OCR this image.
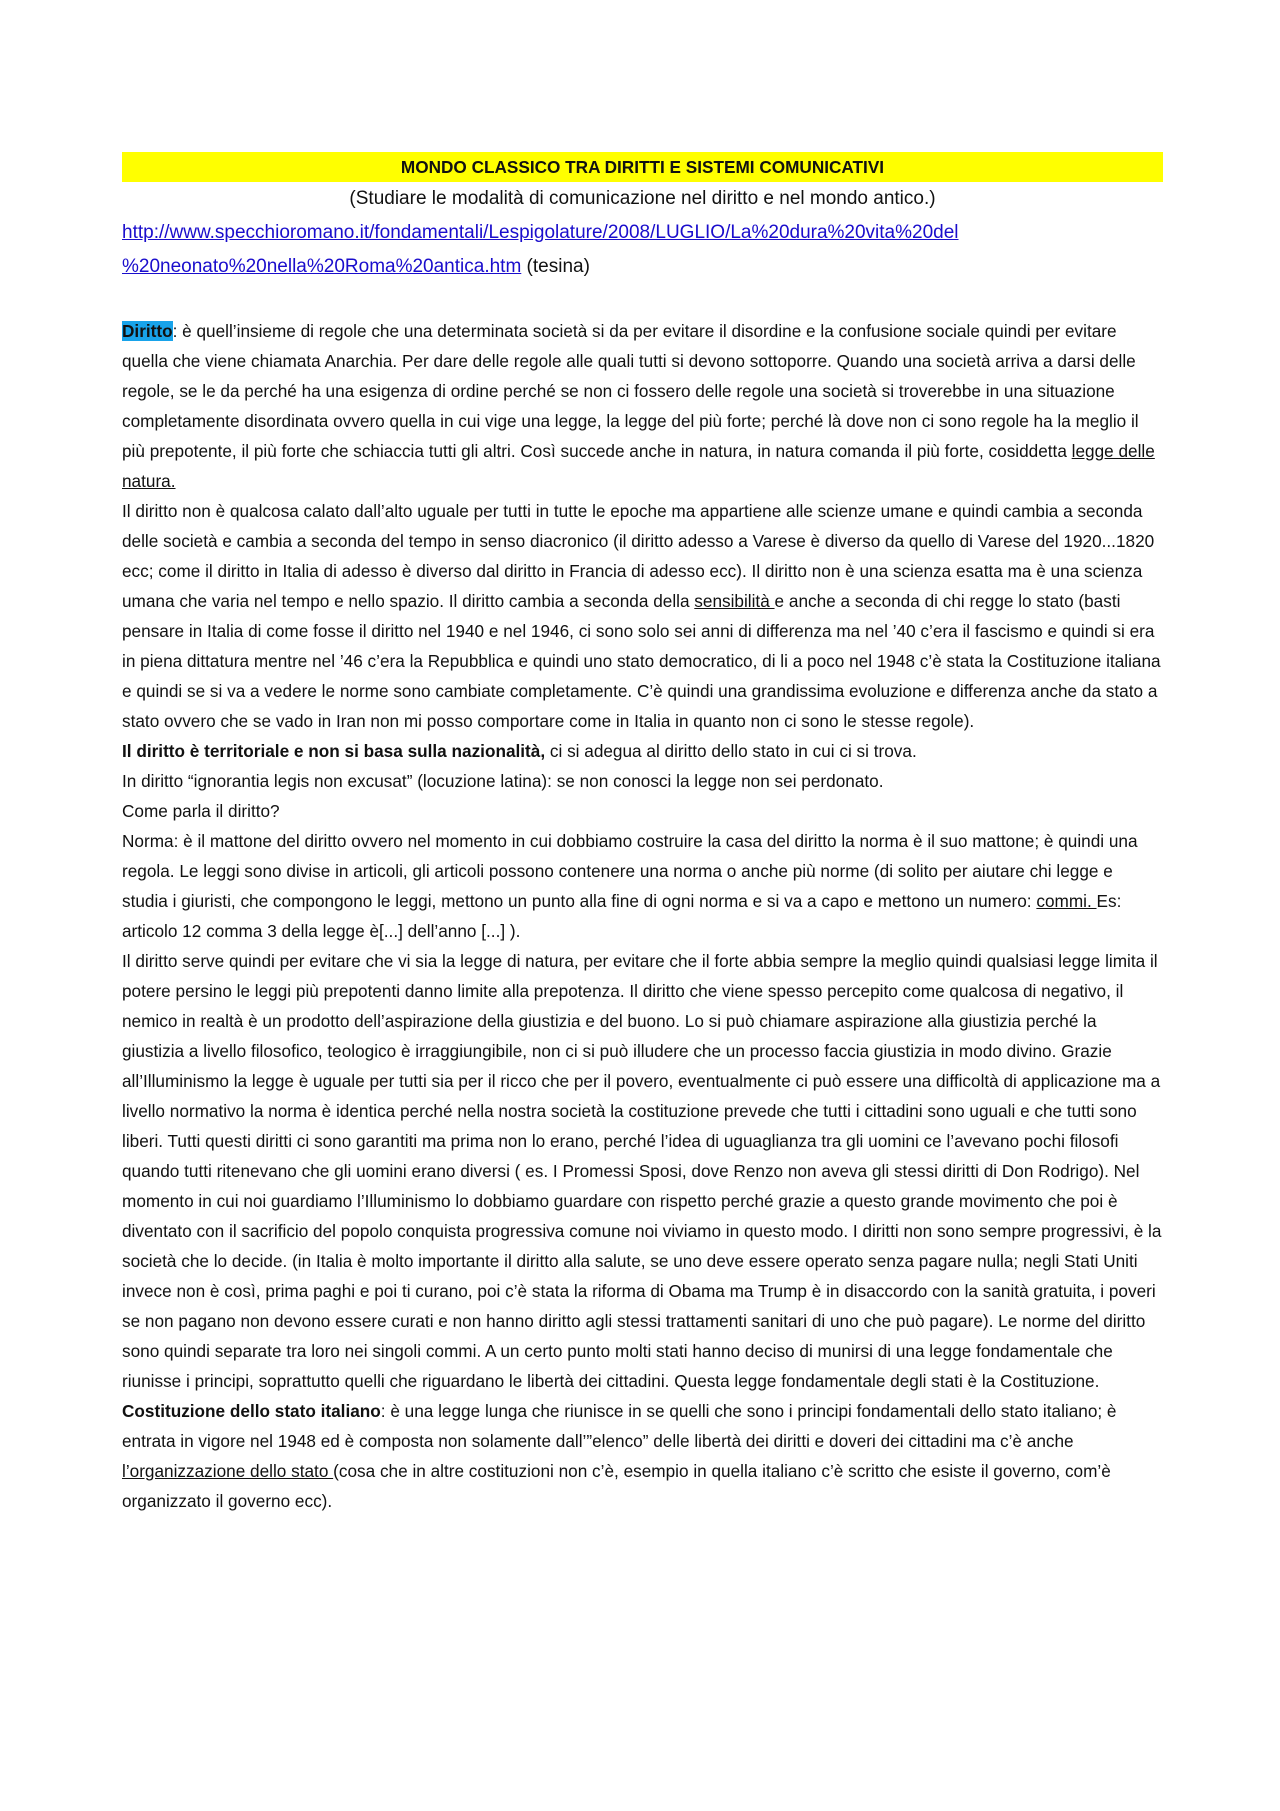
MONDO CLASSICO TRA DIRITTI E SISTEMI COMUNICATIVI

(Studiare le modalità di comunicazione nel diritto e nel mondo antico.)

http://www.specchioromano.it/fondamentali/Lespigolature/2008/LUGLIO/La%20dura%20vita%20del
%20neonato%20nella%20Roma%20antica.htm (tesina)

Diritto: è quell’insieme di regole che una determinata società si da per evitare il disordine e la confusione sociale quindi per evitare quella che viene chiamata Anarchia. Per dare delle regole alle quali tutti si devono sottoporre. Quando una società arriva a darsi delle regole, se le da perché ha una esigenza di ordine perché se non ci fossero delle regole una società si troverebbe in una situazione completamente disordinata ovvero quella in cui vige una legge, la legge del più forte; perché là dove non ci sono regole ha la meglio il più prepotente, il più forte che schiaccia tutti gli altri. Così succede anche in natura, in natura comanda il più forte, cosiddetta legge delle natura.

Il diritto non è qualcosa calato dall’alto uguale per tutti in tutte le epoche ma appartiene alle scienze umane e quindi cambia a seconda delle società e cambia a seconda del tempo in senso diacronico (il diritto adesso a Varese è diverso da quello di Varese del 1920...1820 ecc; come il diritto in Italia di adesso è diverso dal diritto in Francia di adesso ecc). Il diritto non è una scienza esatta ma è una scienza umana che varia nel tempo e nello spazio. Il diritto cambia a seconda della sensibilità e anche a seconda di chi regge lo stato (basti pensare in Italia di come fosse il diritto nel 1940 e nel 1946, ci sono solo sei anni di differenza ma nel ’40 c’era il fascismo e quindi si era in piena dittatura mentre nel ’46 c’era la Repubblica e quindi uno stato democratico, di li a poco nel 1948 c’è stata la Costituzione italiana e quindi se si va a vedere le norme sono cambiate completamente. C’è quindi una grandissima evoluzione e differenza anche da stato a stato ovvero che se vado in Iran non mi posso comportare come in Italia in quanto non ci sono le stesse regole).

Il diritto è territoriale e non si basa sulla nazionalità, ci si adegua al diritto dello stato in cui ci si trova.

In diritto “ignorantia legis non excusat” (locuzione latina): se non conosci la legge non sei perdonato.

Come parla il diritto?

Norma: è il mattone del diritto ovvero nel momento in cui dobbiamo costruire la casa del diritto la norma è il suo mattone; è quindi una regola. Le leggi sono divise in articoli, gli articoli possono contenere una norma o anche più norme (di solito per aiutare chi legge e studia i giuristi, che compongono le leggi, mettono un punto alla fine di ogni norma e si va a capo e mettono un numero: commi. Es: articolo 12 comma 3 della legge è[...] dell’anno [...] ).

Il diritto serve quindi per evitare che vi sia la legge di natura, per evitare che il forte abbia sempre la meglio quindi qualsiasi legge limita il potere persino le leggi più prepotenti danno limite alla prepotenza. Il diritto che viene spesso percepito come qualcosa di negativo, il nemico in realtà è un prodotto dell’aspirazione della giustizia e del buono. Lo si può chiamare aspirazione alla giustizia perché la giustizia a livello filosofico, teologico è irraggiungibile, non ci si può illudere che un processo faccia giustizia in modo divino. Grazie all’Illuminismo la legge è uguale per tutti sia per il ricco che per il povero, eventualmente ci può essere una difficoltà di applicazione ma a livello normativo la norma è identica perché nella nostra società la costituzione prevede che tutti i cittadini sono uguali e che tutti sono liberi. Tutti questi diritti ci sono garantiti ma prima non lo erano, perché l’idea di uguaglianza tra gli uomini ce l’avevano pochi filosofi quando tutti ritenevano che gli uomini erano diversi ( es. I Promessi Sposi, dove Renzo non aveva gli stessi diritti di Don Rodrigo). Nel momento in cui noi guardiamo l’Illuminismo lo dobbiamo guardare con rispetto perché grazie a questo grande movimento che poi è diventato con il sacrificio del popolo conquista progressiva comune noi viviamo in questo modo. I diritti non sono sempre progressivi, è la società che lo decide. (in Italia è molto importante il diritto alla salute, se uno deve essere operato senza pagare nulla; negli Stati Uniti invece non è così, prima paghi e poi ti curano, poi c’è stata la riforma di Obama ma Trump è in disaccordo con la sanità gratuita, i poveri se non pagano non devono essere curati e non hanno diritto agli stessi trattamenti sanitari di uno che può pagare). Le norme del diritto sono quindi separate tra loro nei singoli commi. A un certo punto molti stati hanno deciso di munirsi di una legge fondamentale che riunisse i principi, soprattutto quelli che riguardano le libertà dei cittadini. Questa legge fondamentale degli stati è la Costituzione.

Costituzione dello stato italiano: è una legge lunga che riunisce in se quelli che sono i principi fondamentali dello stato italiano; è entrata in vigore nel 1948 ed è composta non solamente dall’”elenco” delle libertà dei diritti e doveri dei cittadini ma c’è anche l’organizzazione dello stato (cosa che in altre costituzioni non c’è, esempio in quella italiano c’è scritto che esiste il governo, com’è organizzato il governo ecc).
